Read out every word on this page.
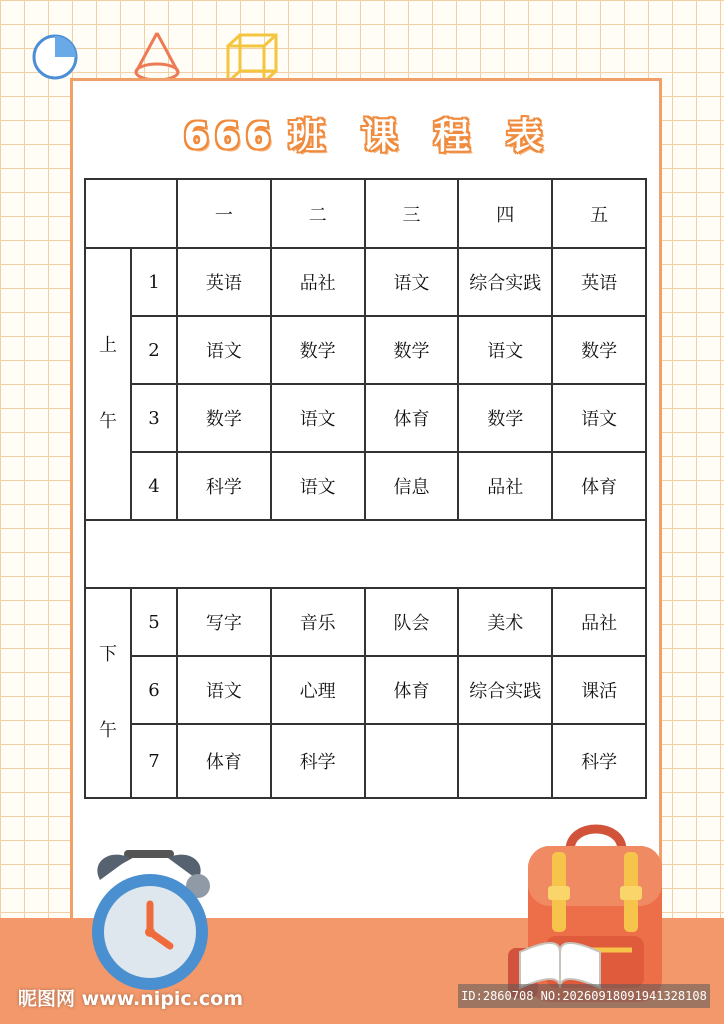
666 班 课 程 表
		一	二	三	四	五

上
午	1	英语	品社	语文	综合实践	英语
	2	语文	数学	数学	语文	数学
	3	数学	语文	体育	数学	语文
	4	科学	语文	信息	品社	体育

下
午	5	写字	音乐	队会	美术	品社
	6	语文	心理	体育	综合实践	课活
	7	体育	科学			科学
昵图网 www.nipic.com	ID:2860708 NO:20260918091941328108
